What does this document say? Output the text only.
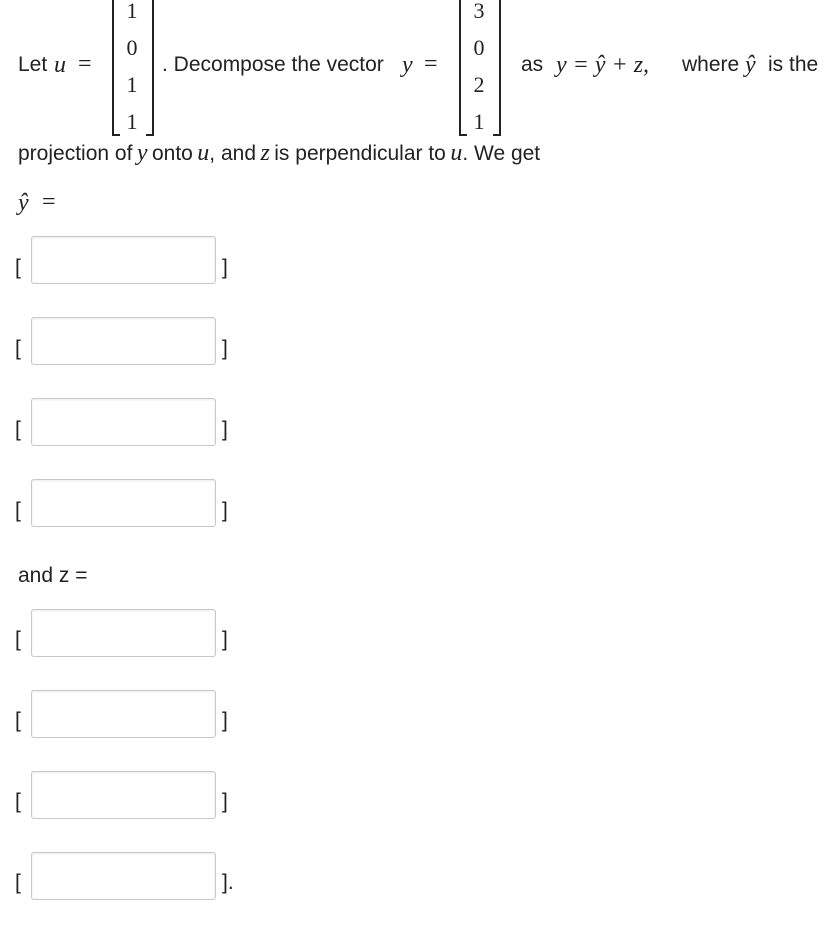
Let u =
1
0
1
1
. Decompose the vector y =
3
0
2
1
as y = ŷ + z, where ŷ is the
projection of y onto u, and z is perpendicular to u. We get
ŷ =
[	]
[	]
[	]
[	]
and z =
[	]
[	]
[	]
[	].
